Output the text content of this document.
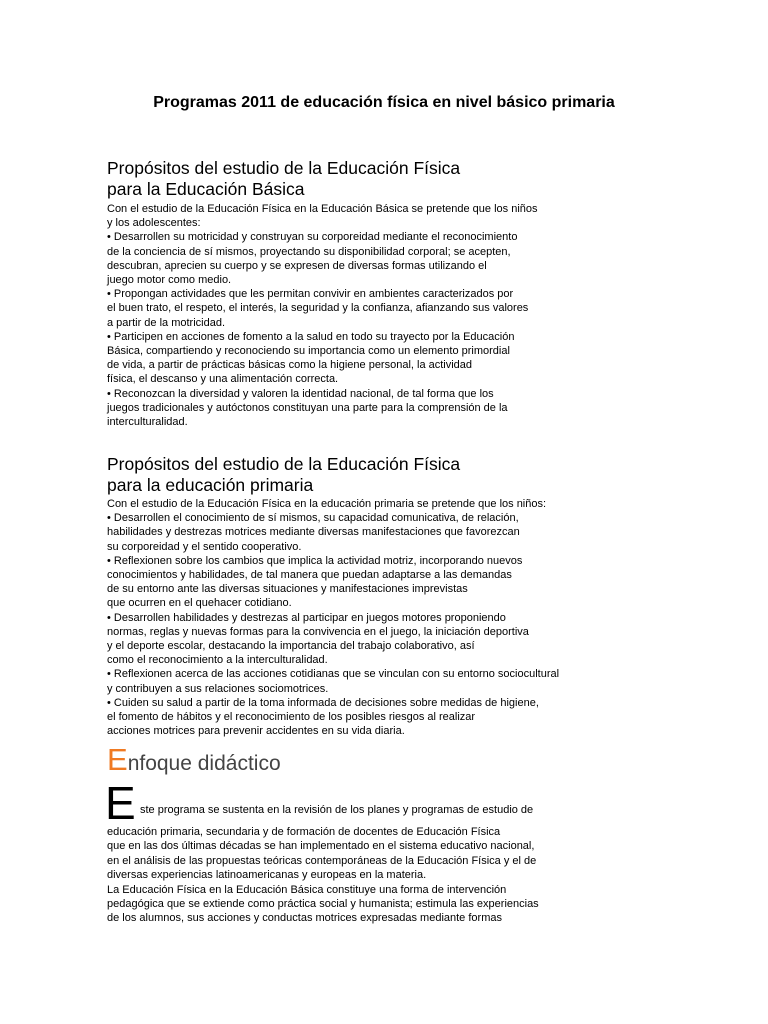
Programas 2011 de educación física en nivel básico primaria
Propósitos del estudio de la Educación Física
para la Educación Básica
Con el estudio de la Educación Física en la Educación Básica se pretende que los niños
y los adolescentes:
• Desarrollen su motricidad y construyan su corporeidad mediante el reconocimiento
de la conciencia de sí mismos, proyectando su disponibilidad corporal; se acepten,
descubran, aprecien su cuerpo y se expresen de diversas formas utilizando el
juego motor como medio.
• Propongan actividades que les permitan convivir en ambientes caracterizados por
el buen trato, el respeto, el interés, la seguridad y la confianza, afianzando sus valores
a partir de la motricidad.
• Participen en acciones de fomento a la salud en todo su trayecto por la Educación
Básica, compartiendo y reconociendo su importancia como un elemento primordial
de vida, a partir de prácticas básicas como la higiene personal, la actividad
física, el descanso y una alimentación correcta.
• Reconozcan la diversidad y valoren la identidad nacional, de tal forma que los
juegos tradicionales y autóctonos constituyan una parte para la comprensión de la
interculturalidad.
Propósitos del estudio de la Educación Física
para la educación primaria
Con el estudio de la Educación Física en la educación primaria se pretende que los niños:
• Desarrollen el conocimiento de sí mismos, su capacidad comunicativa, de relación,
habilidades y destrezas motrices mediante diversas manifestaciones que favorezcan
su corporeidad y el sentido cooperativo.
• Reflexionen sobre los cambios que implica la actividad motriz, incorporando nuevos
conocimientos y habilidades, de tal manera que puedan adaptarse a las demandas
de su entorno ante las diversas situaciones y manifestaciones imprevistas
que ocurren en el quehacer cotidiano.
• Desarrollen habilidades y destrezas al participar en juegos motores proponiendo
normas, reglas y nuevas formas para la convivencia en el juego, la iniciación deportiva
y el deporte escolar, destacando la importancia del trabajo colaborativo, así
como el reconocimiento a la interculturalidad.
• Reflexionen acerca de las acciones cotidianas que se vinculan con su entorno sociocultural
y contribuyen a sus relaciones sociomotrices.
• Cuiden su salud a partir de la toma informada de decisiones sobre medidas de higiene,
el fomento de hábitos y el reconocimiento de los posibles riesgos al realizar
acciones motrices para prevenir accidentes en su vida diaria.
Enfoque didáctico
E ste programa se sustenta en la revisión de los planes y programas de estudio de
educación primaria, secundaria y de formación de docentes de Educación Física
que en las dos últimas décadas se han implementado en el sistema educativo nacional,
en el análisis de las propuestas teóricas contemporáneas de la Educación Física y el de
diversas experiencias latinoamericanas y europeas en la materia.
La Educación Física en la Educación Básica constituye una forma de intervención
pedagógica que se extiende como práctica social y humanista; estimula las experiencias
de los alumnos, sus acciones y conductas motrices expresadas mediante formas
